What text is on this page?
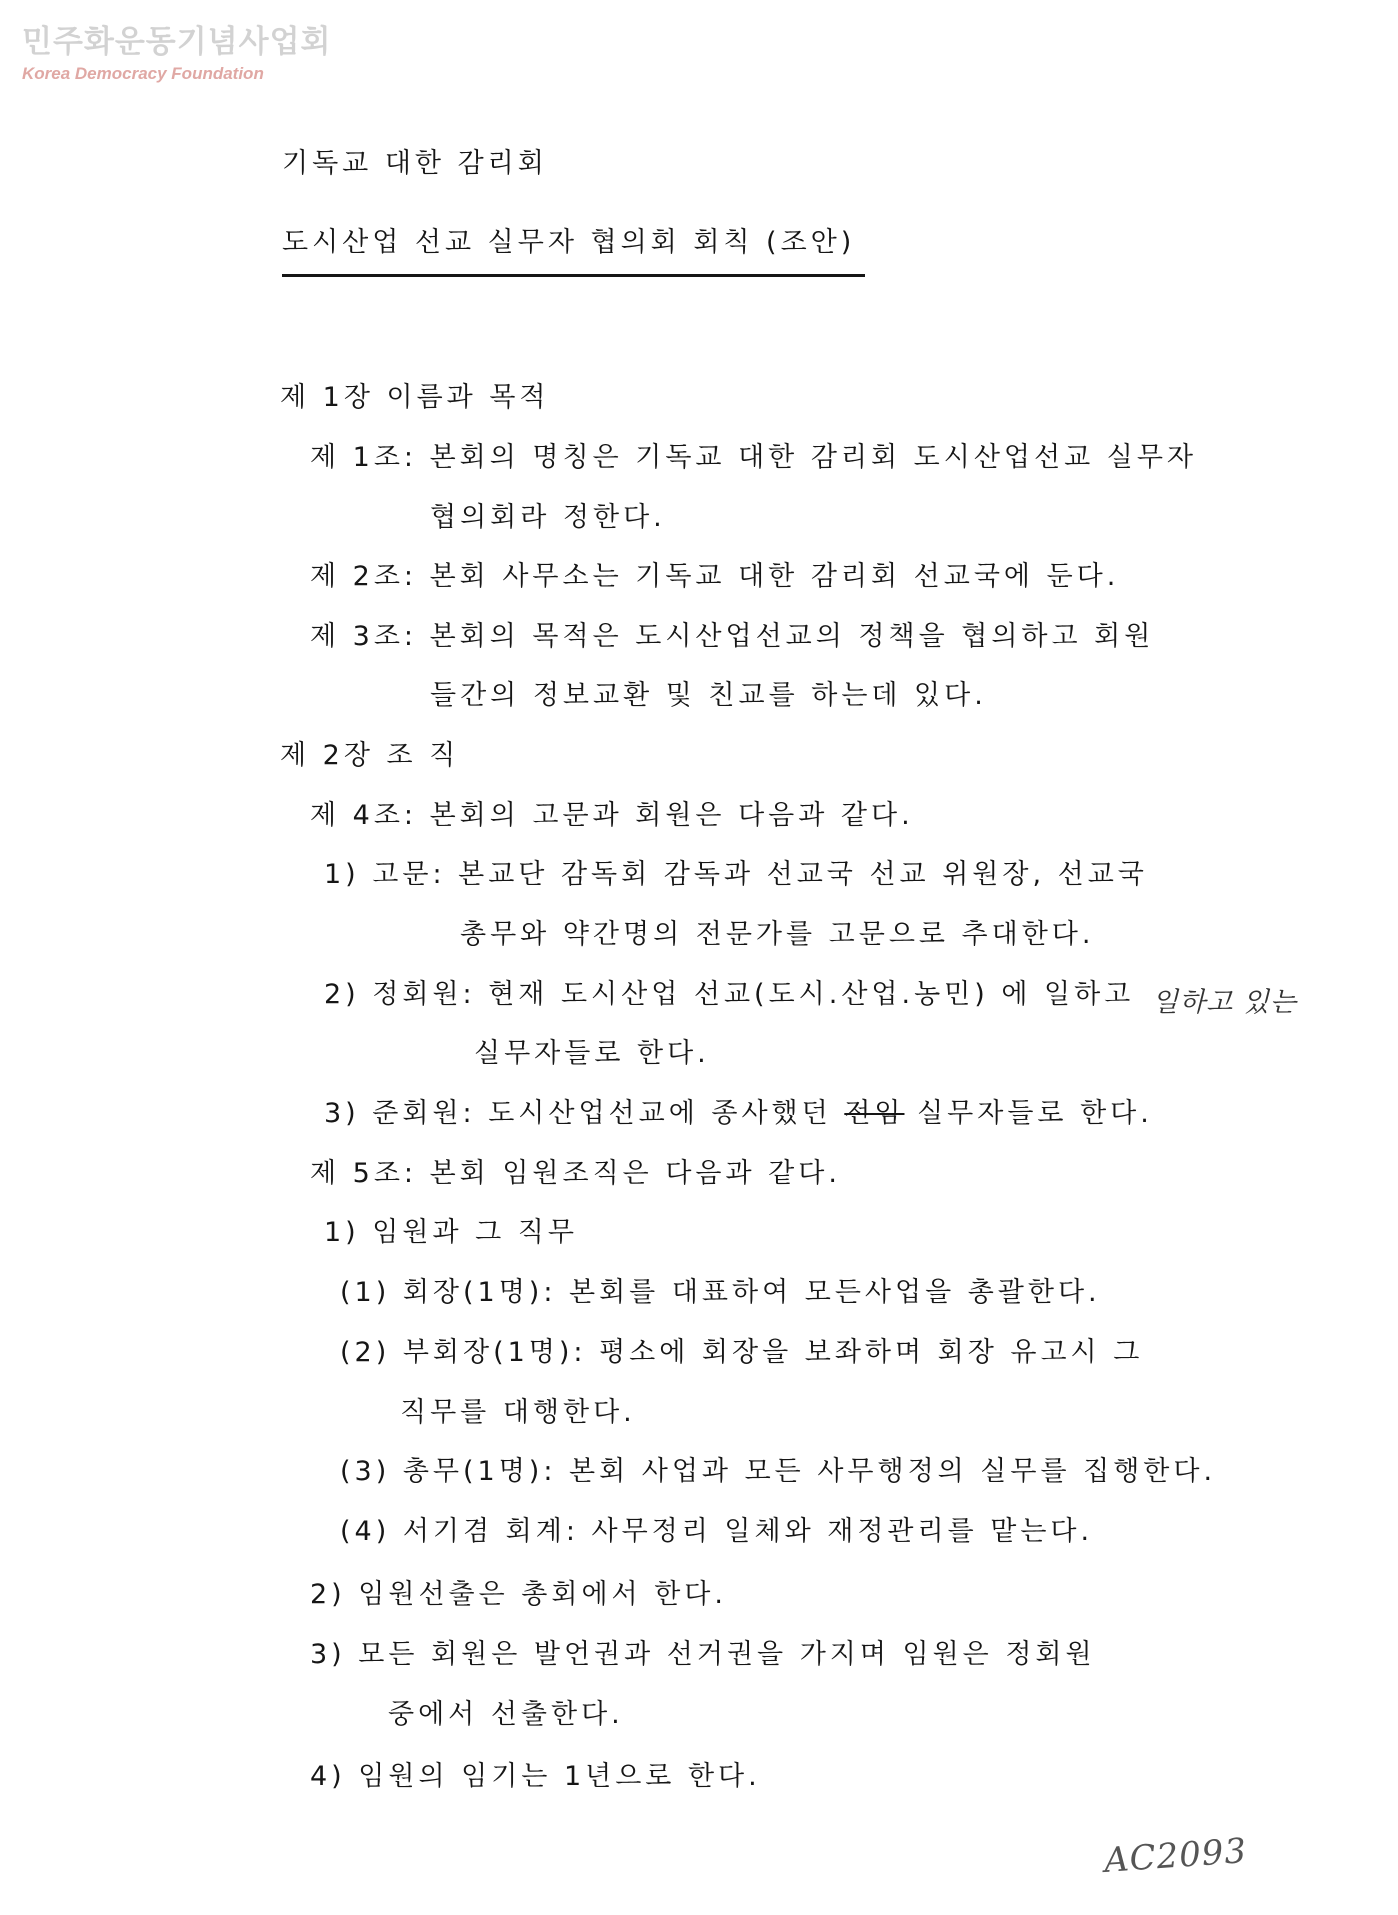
민주화운동기념사업회
Korea Democracy Foundation
기독교 대한 감리회
도시산업 선교 실무자 협의회 회칙 (조안)
제 1장 이름과 목적
제 1조: 본회의 명칭은 기독교 대한 감리회 도시산업선교 실무자
협의회라 정한다.
제 2조: 본회 사무소는 기독교 대한 감리회 선교국에 둔다.
제 3조: 본회의 목적은 도시산업선교의 정책을 협의하고 회원
들간의 정보교환 및 친교를 하는데 있다.
제 2장 조 직
제 4조: 본회의 고문과 회원은 다음과 같다.
1) 고문: 본교단 감독회 감독과 선교국 선교 위원장, 선교국
총무와 약간명의 전문가를 고문으로 추대한다.
2) 정회원: 현재 도시산업 선교(도시.산업.농민) 에 일하고 일하고 있는
실무자들로 한다.
3) 준회원: 도시산업선교에 종사했던 전임 실무자들로 한다.
제 5조: 본회 임원조직은 다음과 같다.
1) 임원과 그 직무
(1) 회장(1명): 본회를 대표하여 모든사업을 총괄한다.
(2) 부회장(1명): 평소에 회장을 보좌하며 회장 유고시 그
직무를 대행한다.
(3) 총무(1명): 본회 사업과 모든 사무행정의 실무를 집행한다.
(4) 서기겸 회계: 사무정리 일체와 재정관리를 맡는다.
2) 임원선출은 총회에서 한다.
3) 모든 회원은 발언권과 선거권을 가지며 임원은 정회원
중에서 선출한다.
4) 임원의 임기는 1년으로 한다.
AC2093
